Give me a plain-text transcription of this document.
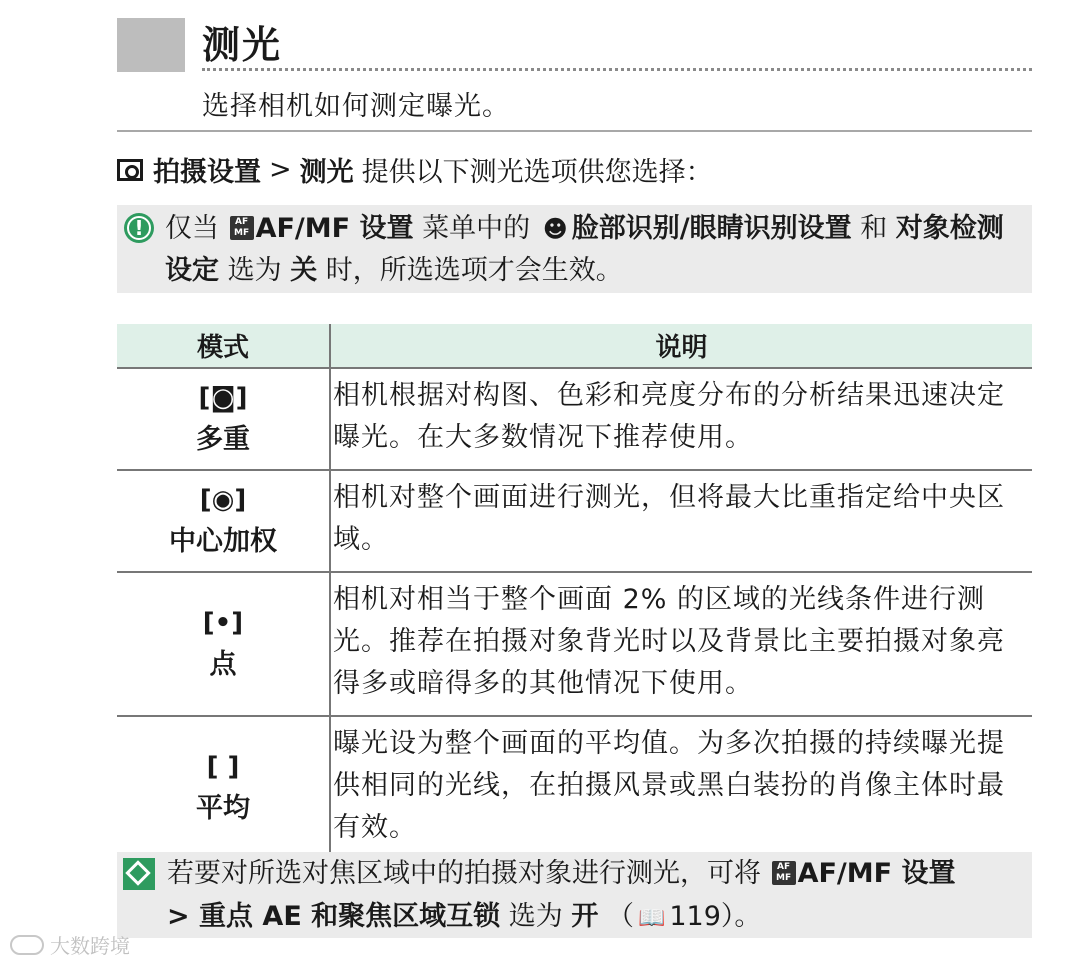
测光

选择相机如何测定曝光。

拍摄设置 > 测光 提供以下测光选项供您选择：
! 仅当 AF
MF AF/MF 设置 菜单中的 ☻ 脸部识别/眼睛识别设置 和 对象检测设定 选为 关 时，所选选项才会生效。
模式	说明

[◙]
多重	相机根据对构图、色彩和亮度分布的分析结果迅速决定曝光。在大多数情况下推荐使用。

[◉]
中心加权	相机对整个画面进行测光，但将最大比重指定给中央区域。

[•]
点	相机对相当于整个画面 2% 的区域的光线条件进行测光。推荐在拍摄对象背光时以及背景比主要拍摄对象亮得多或暗得多的其他情况下使用。

[ ]
平均	曝光设为整个画面的平均值。为多次拍摄的持续曝光提供相同的光线，在拍摄风景或黑白装扮的肖像主体时最有效。
若要对所选对焦区域中的拍摄对象进行测光，可将 AF
MF AF/MF 设置 > 重点 AE 和聚焦区域互锁 选为 开 （ 📖 119）。
大数跨境
